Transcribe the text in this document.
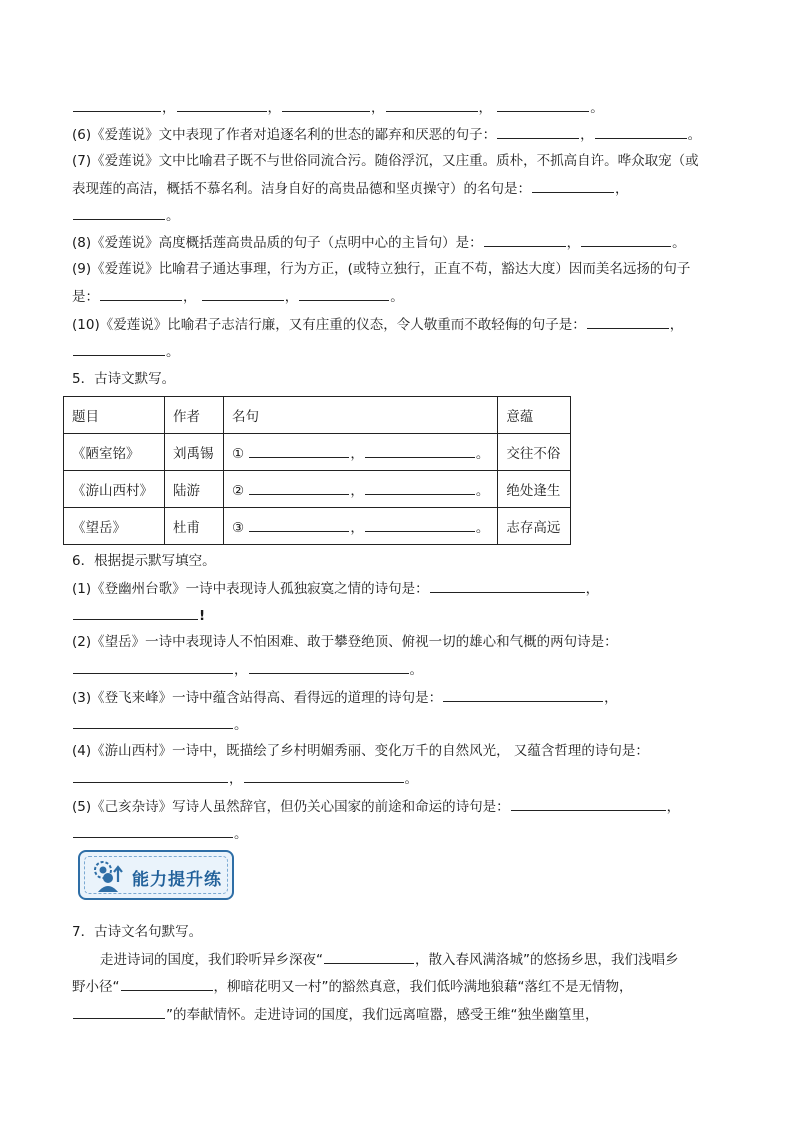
，	，	，	，	。
(6)《爱莲说》文中表现了作者对追逐名利的世态的鄙弃和厌恶的句子：	，	。
(7)《爱莲说》文中比喻君子既不与世俗同流合污。随俗浮沉，又庄重。质朴，不抓高自许。哗众取宠（或
表现莲的高洁，概括不慕名利。洁身自好的高贵品德和坚贞操守）的名句是：	，
。
(8)《爱莲说》高度概括莲高贵品质的句子（点明中心的主旨句）是：	，	。
(9)《爱莲说》比喻君子通达事理，行为方正，(或特立独行，正直不苟，豁达大度）因而美名远扬的句子
是：	，	，	。
(10)《爱莲说》比喻君子志洁行廉，又有庄重的仪态，令人敬重而不敢轻侮的句子是：	，
。
5．古诗文默写。
题目	作者	名句	意蕴
《陋室铭》	刘禹锡	① ， 。	交往不俗
《游山西村》	陆游	② ， 。	绝处逢生
《望岳》	杜甫	③ ， 。	志存高远
6．根据提示默写填空。
(1)《登幽州台歌》一诗中表现诗人孤独寂寞之情的诗句是：	，
!
(2)《望岳》一诗中表现诗人不怕困难、敢于攀登绝顶、俯视一切的雄心和气概的两句诗是：
，	。
(3)《登飞来峰》一诗中蕴含站得高、看得远的道理的诗句是：	，
。
(4)《游山西村》一诗中，既描绘了乡村明媚秀丽、变化万千的自然风光， 又蕴含哲理的诗句是：
，	。
(5)《己亥杂诗》写诗人虽然辞官，但仍关心国家的前途和命运的诗句是：	，
。
能力提升练
7．古诗文名句默写。
走进诗词的国度，我们聆听异乡深夜“	，散入春风满洛城”的悠扬乡思，我们浅唱乡
野小径“	，柳暗花明又一村”的豁然真意，我们低吟满地狼藉“落红不是无情物，
”的奉献情怀。走进诗词的国度，我们远离喧嚣，感受王维“独坐幽篁里，
